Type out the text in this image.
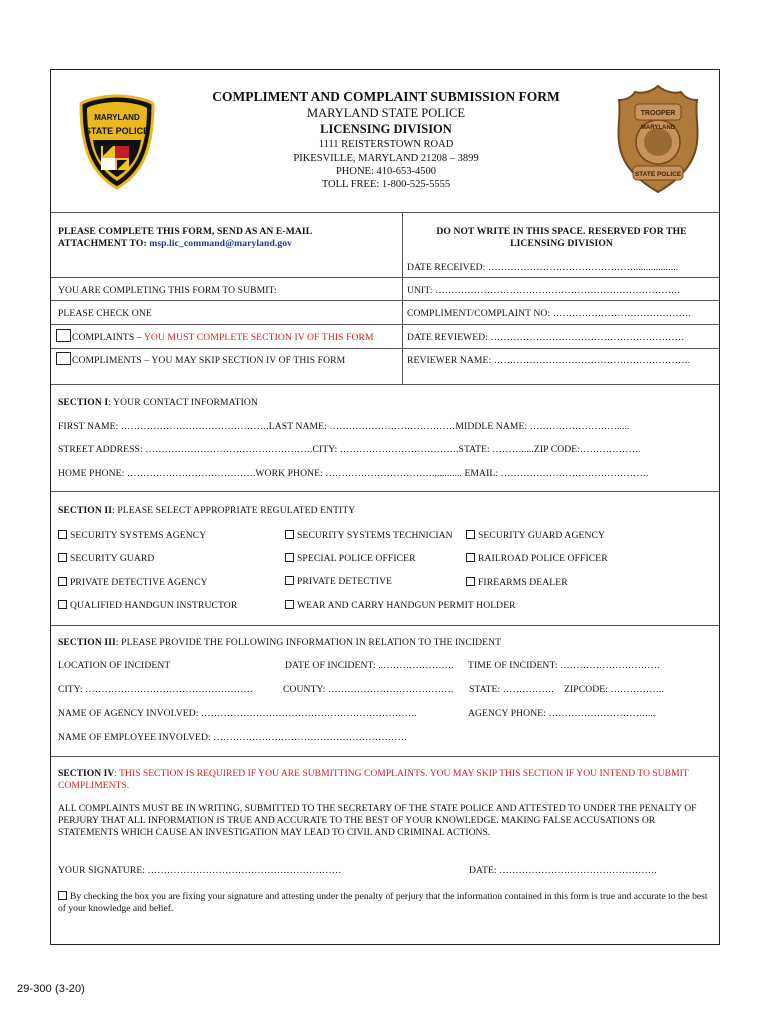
MARYLAND
STATE POLICE
TROOPER
MARYLAND
STATE POLICE
COMPLIMENT AND COMPLAINT SUBMISSION FORM
MARYLAND STATE POLICE
LICENSING DIVISION
1111 REISTERSTOWN ROAD
PIKESVILLE, MARYLAND 21208 – 3899
PHONE: 410-653-4500
TOLL FREE: 1-800-525-5555
PLEASE COMPLETE THIS FORM, SEND AS AN E-MAIL
ATTACHMENT TO: msp.lic_command@maryland.gov
DO NOT WRITE IN THIS SPACE. RESERVED FOR THE
LICENSING DIVISION
DATE RECEIVED: ………………………………………..................
YOU ARE COMPLETING THIS FORM TO SUBMIT:	UNIT: ………………………………………………………………….
PLEASE CHECK ONE	COMPLIMENT/COMPLAINT NO: …………………………………….
COMPLAINTS – YOU MUST COMPLETE SECTION IV OF THIS FORM	DATE REVIEWED: ……………………………………………………
COMPLIMENTS – YOU MAY SKIP SECTION IV OF THIS FORM	REVIEWER NAME: …………………………………………………….
SECTION I: YOUR CONTACT INFORMATION
FIRST NAME: ……………………………………….LAST NAME: …………………………………MIDDLE NAME: ……………………….....
STREET ADDRESS: …………………………………………….CITY: ……………………………….STATE: ……….....ZIP CODE:……………….
HOME PHONE: ………………………………….WORK PHONE: ……………………………............ EMAIL: ……………………………………….
SECTION II: PLEASE SELECT APPROPRIATE REGULATED ENTITY
SECURITY SYSTEMS AGENCY	SECURITY SYSTEMS TECHNICIAN	SECURITY GUARD AGENCY
SECURITY GUARD	SPECIAL POLICE OFFICER	RAILROAD POLICE OFFICER
PRIVATE DETECTIVE AGENCY	PRIVATE DETECTIVE	FIREARMS DEALER
QUALIFIED HANDGUN INSTRUCTOR	WEAR AND CARRY HANDGUN PERMIT HOLDER
SECTION III: PLEASE PROVIDE THE FOLLOWING INFORMATION IN RELATION TO THE INCIDENT
LOCATION OF INCIDENT	DATE OF INCIDENT: ..…………………. TIME OF INCIDENT: ………………………….
CITY: …………………………………………….	COUNTY: ………………………………… STATE: ……………. ZIPCODE: ……………..
NAME OF AGENCY INVOLVED: ………………………………………………………….	AGENCY PHONE: …………………………....
NAME OF EMPLOYEE INVOLVED: ……………………………………………………
SECTION IV: THIS SECTION IS REQUIRED IF YOU ARE SUBMITTING COMPLAINTS. YOU MAY SKIP THIS SECTION IF YOU INTEND TO SUBMIT COMPLIMENTS.
ALL COMPLAINTS MUST BE IN WRITING, SUBMITTED TO THE SECRETARY OF THE STATE POLICE AND ATTESTED TO UNDER THE PENALTY OF PERJURY THAT ALL INFORMATION IS TRUE AND ACCURATE TO THE BEST OF YOUR KNOWLEDGE. MAKING FALSE ACCUSATIONS OR STATEMENTS WHICH CAUSE AN INVESTIGATION MAY LEAD TO CIVIL AND CRIMINAL ACTIONS.
YOUR SIGNATURE: ……………………………………………………	DATE: ………………………………………….
By checking the box you are fixing your signature and attesting under the penalty of perjury that the information contained in this form is true and accurate to the best of your knowledge and belief.
29-300 (3-20)
